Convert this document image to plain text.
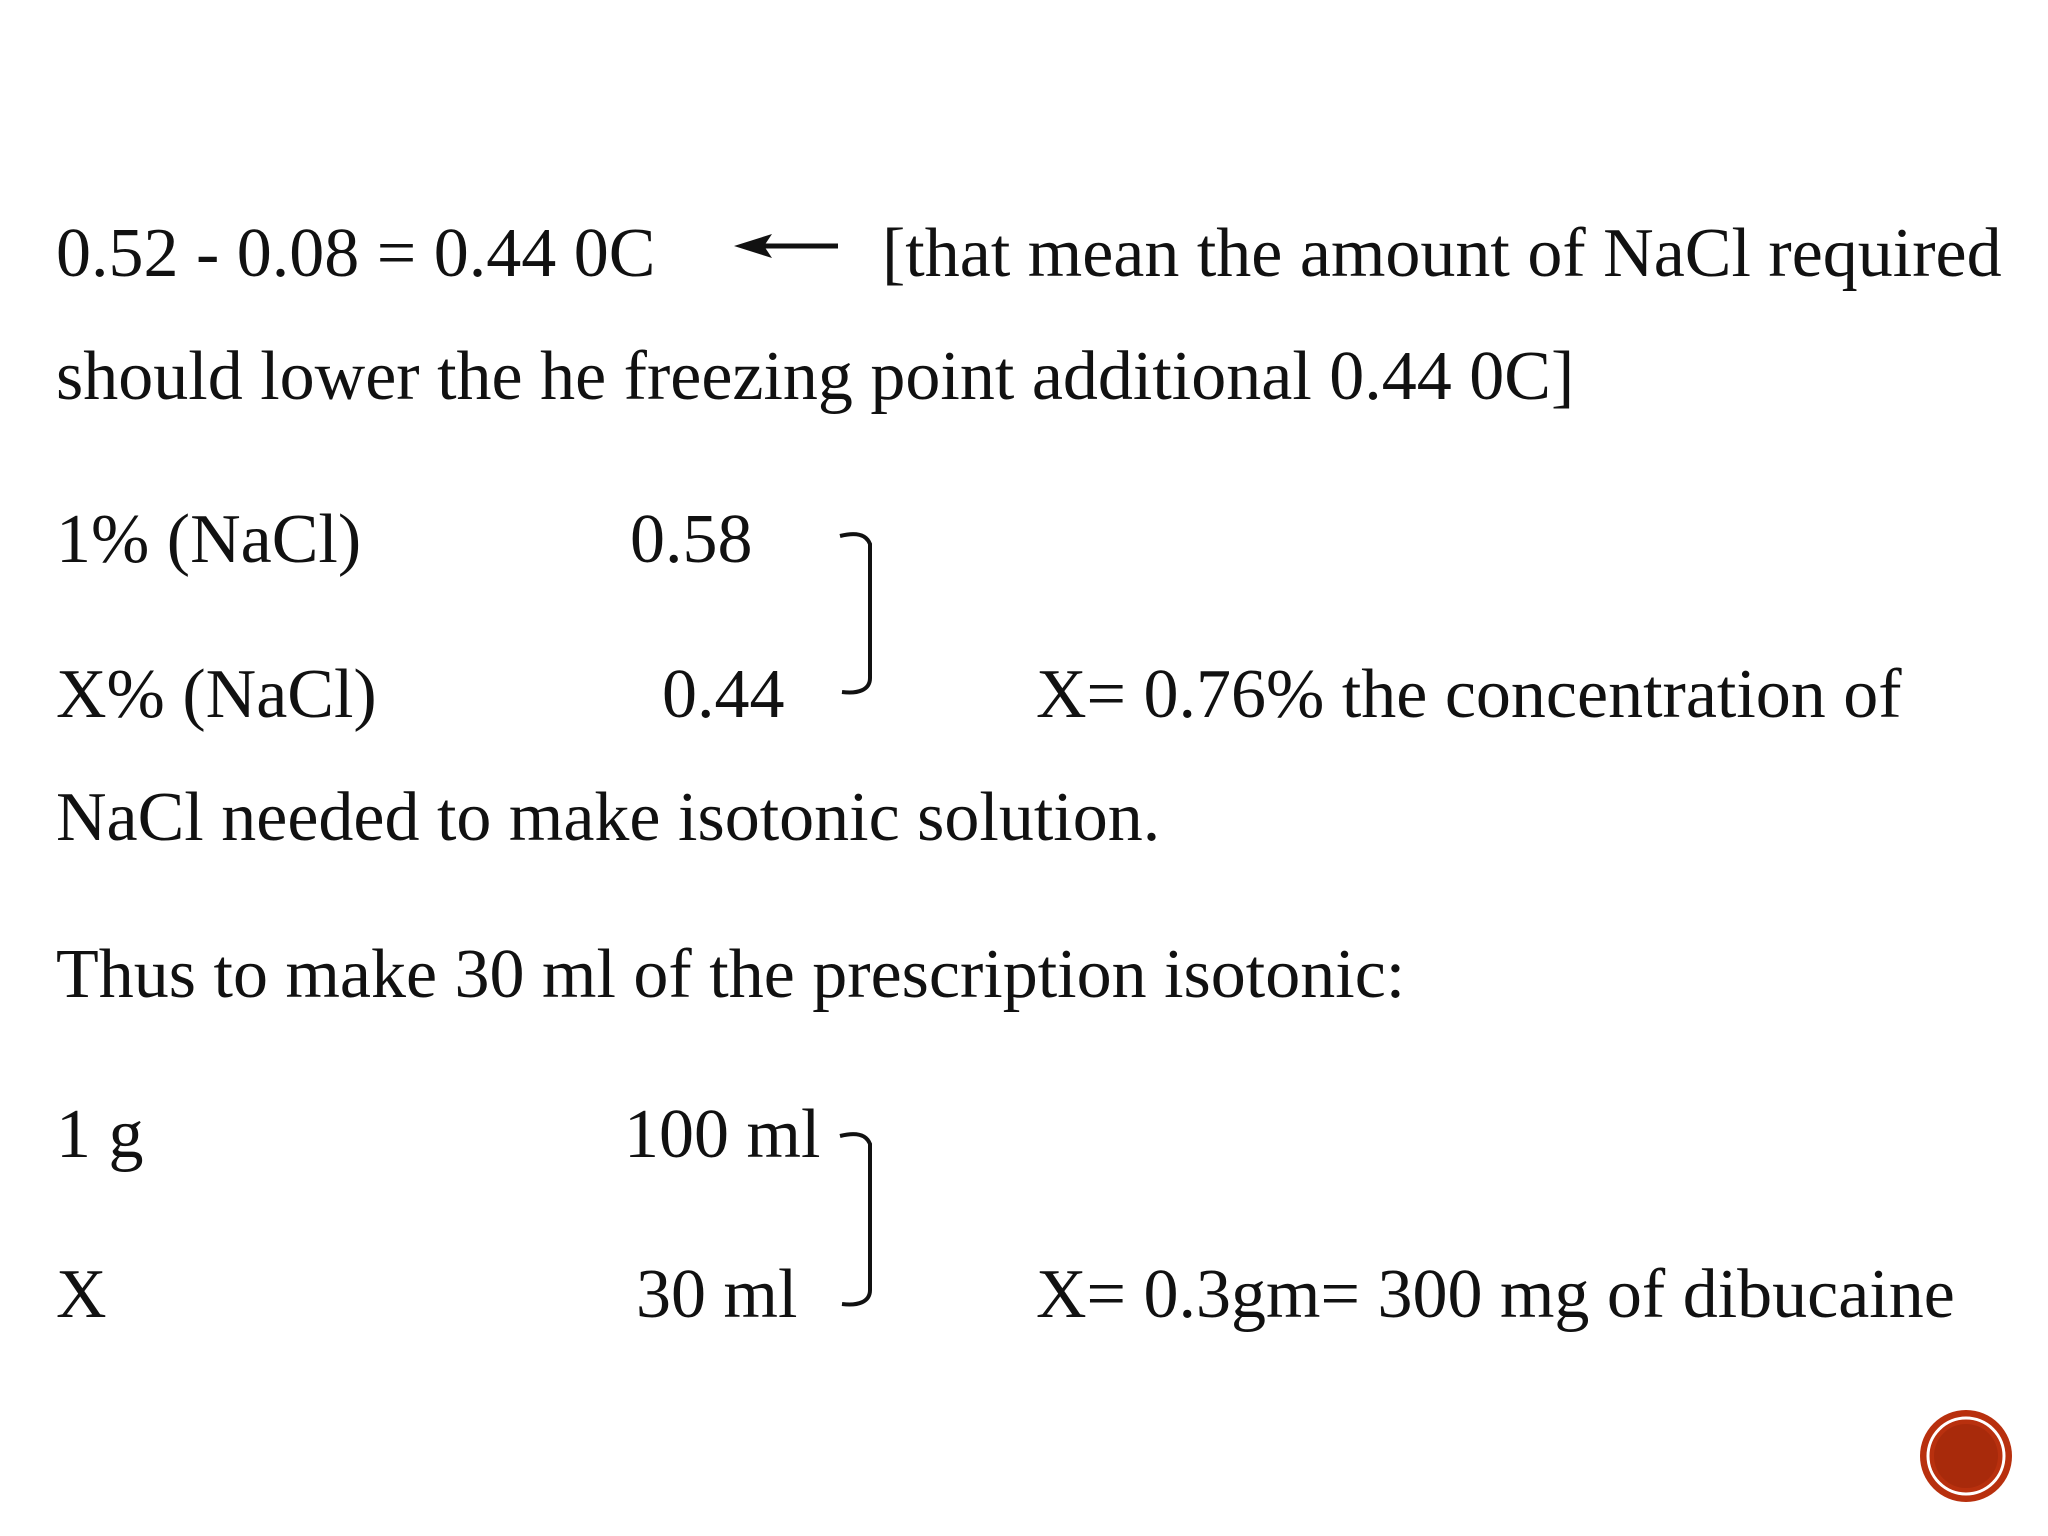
0.52 - 0.08 = 0.44 0C	[that mean the amount of NaCl required

should lower the he freezing point additional 0.44 0C]

1% (NaCl)	0.58

X% (NaCl)	0.44	X= 0.76% the concentration of

NaCl needed to make isotonic solution.

Thus to make 30 ml of the prescription isotonic:

1 g	100 ml

X	30 ml	X= 0.3gm= 300 mg of dibucaine
